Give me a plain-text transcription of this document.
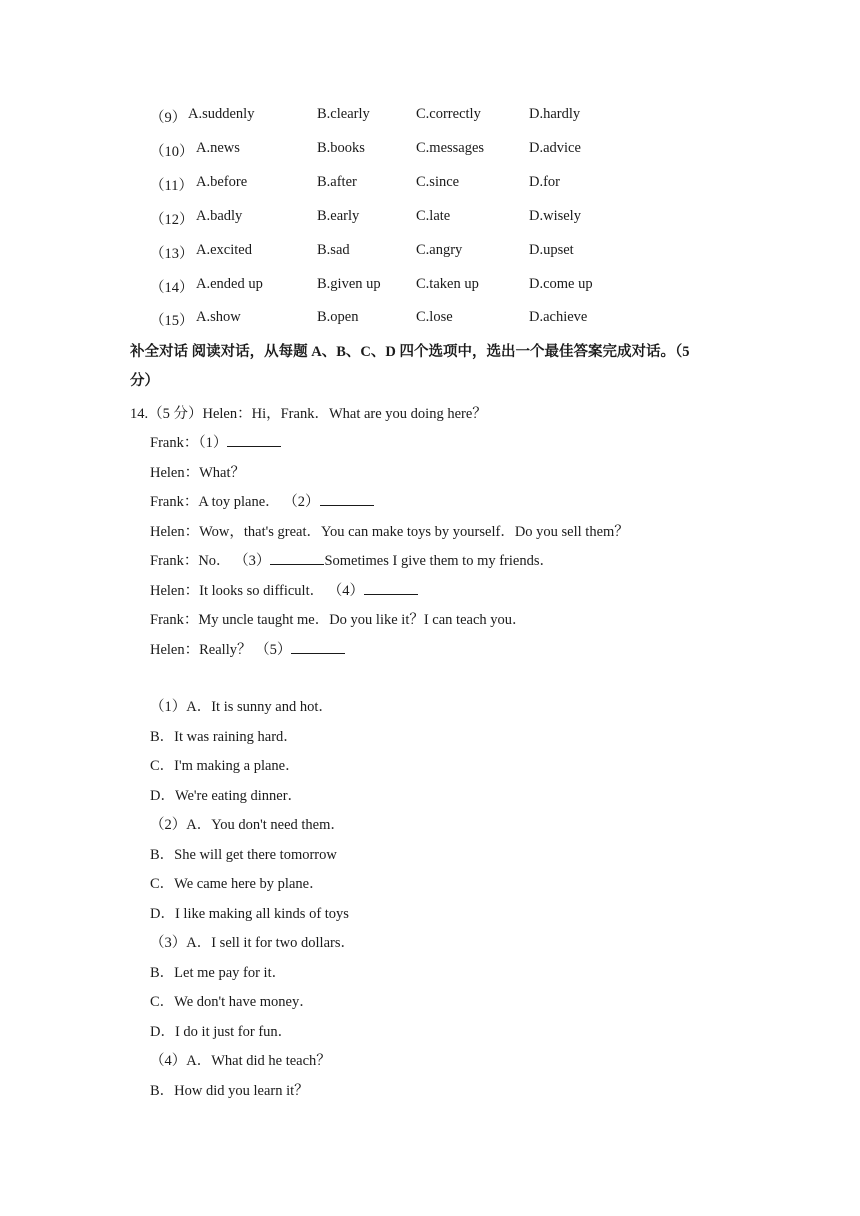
（9） A.suddenly	B.clearly	C.correctly	D.hardly
（10） A.news	B.books	C.messages	D.advice
（11） A.before	B.after	C.since	D.for
（12） A.badly	B.early	C.late	D.wisely
（13） A.excited	B.sad	C.angry	D.upset
（14） A.ended up	B.given up C.taken up	D.come up
（15） A.show	B.open	C.lose	D.achieve
补全对话 阅读对话，从每题 A、B、C、D 四个选项中，选出一个最佳答案完成对话。（5
分）
14.（5 分）Helen：Hi，Frank．What are you doing here？
Frank：（1）
Helen：What？
Frank：A toy plane． （2）
Helen：Wow，that's great．You can make toys by yourself．Do you sell them？
Frank：No． （3）	Sometimes I give them to my friends．
Helen：It looks so difficult． （4）
Frank：My uncle taught me．Do you like it？I can teach you．
Helen：Really？ （5）
（1）A．It is sunny and hot．
B．It was raining hard．
C．I'm making a plane．
D．We're eating dinner．
（2）A．You don't need them．
B．She will get there tomorrow
C．We came here by plane．
D．I like making all kinds of toys
（3）A．I sell it for two dollars．
B．Let me pay for it．
C．We don't have money．
D．I do it just for fun．
（4）A．What did he teach？
B．How did you learn it？
